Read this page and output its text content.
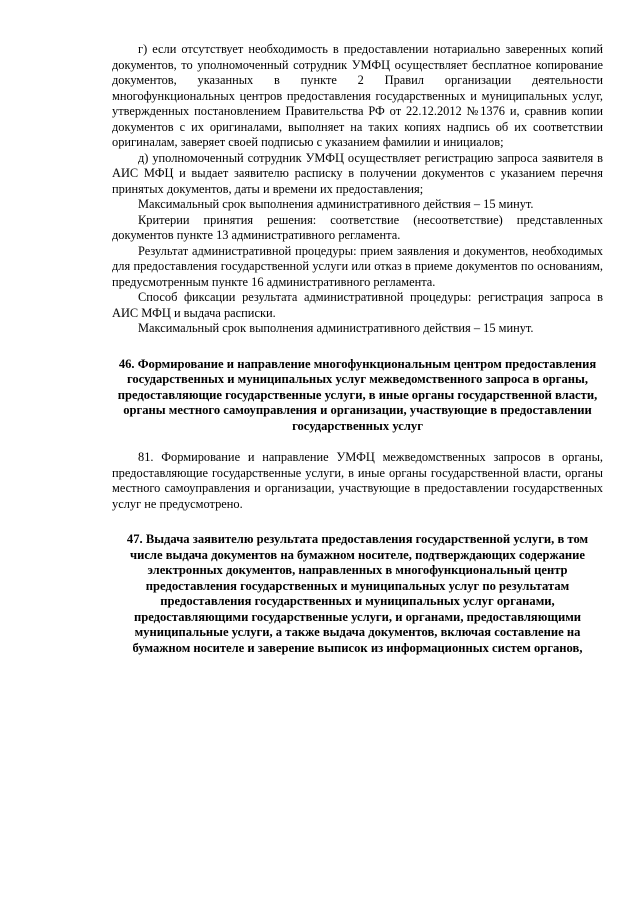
г) если отсутствует необходимость в предоставлении нотариально заверенных копий документов, то уполномоченный сотрудник УМФЦ осуществляет бесплатное копирование документов, указанных в пункте 2 Правил организации деятельности многофункциональных центров предоставления государственных и муниципальных услуг, утвержденных постановлением Правительства РФ от 22.12.2012 №1376 и, сравнив копии документов с их оригиналами, выполняет на таких копиях надпись об их соответствии оригиналам, заверяет своей подписью с указанием фамилии и инициалов;

д) уполномоченный сотрудник УМФЦ осуществляет регистрацию запроса заявителя в АИС МФЦ и выдает заявителю расписку в получении документов с указанием перечня принятых документов, даты и времени их предоставления;

Максимальный срок выполнения административного действия – 15 минут.

Критерии принятия решения: соответствие (несоответствие) представленных документов пункте 13 административного регламента.

Результат административной процедуры: прием заявления и документов, необходимых для предоставления государственной услуги или отказ в приеме документов по основаниям, предусмотренным пункте 16 административного регламента.

Способ фиксации результата административной процедуры: регистрация запроса в АИС МФЦ и выдача расписки.

Максимальный срок выполнения административного действия – 15 минут.

46. Формирование и направление многофункциональным центром предоставления государственных и муниципальных услуг межведомственного запроса в органы, предоставляющие государственные услуги, в иные органы государственной власти, органы местного самоуправления и организации, участвующие в предоставлении государственных услуг

81. Формирование и направление УМФЦ межведомственных запросов в органы, предоставляющие государственные услуги, в иные органы государственной власти, органы местного самоуправления и организации, участвующие в предоставлении государственных услуг не предусмотрено.

47. Выдача заявителю результата предоставления государственной услуги, в том числе выдача документов на бумажном носителе, подтверждающих содержание электронных документов, направленных в многофункциональный центр предоставления государственных и муниципальных услуг по результатам предоставления государственных и муниципальных услуг органами, предоставляющими государственные услуги, и органами, предоставляющими муниципальные услуги, а также выдача документов, включая составление на бумажном носителе и заверение выписок из информационных систем органов,
